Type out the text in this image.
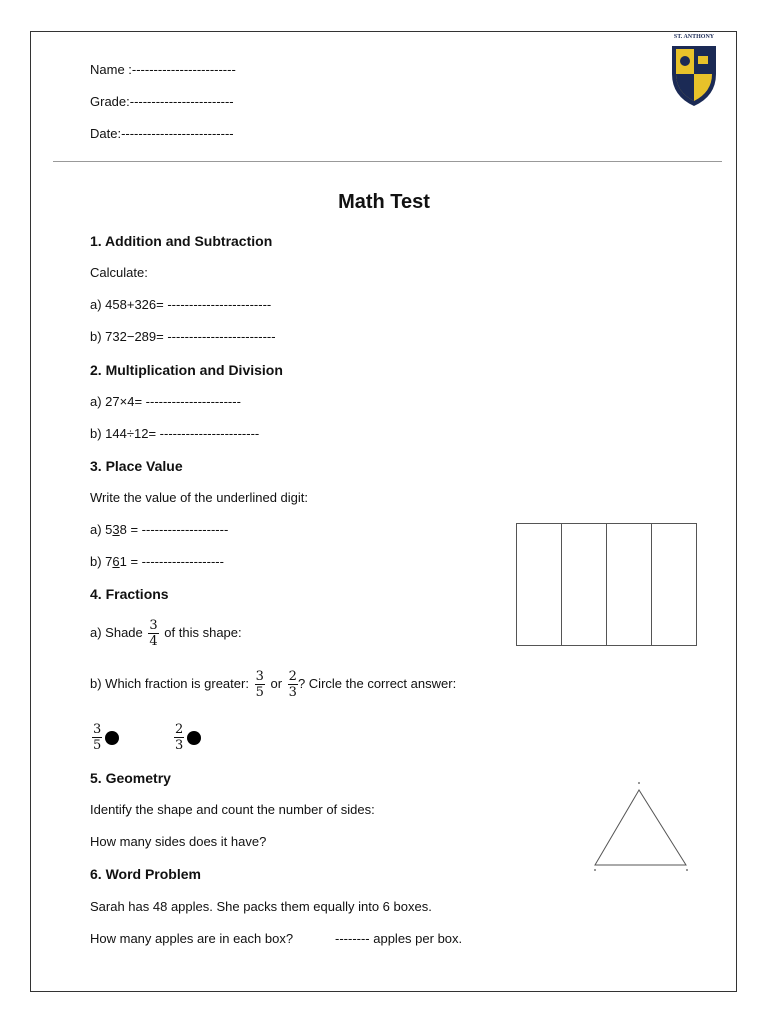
Name :------------------------
Grade:------------------------
Date:--------------------------
ST. ANTHONY
Math Test
1. Addition and Subtraction
Calculate:
a) 458+326= ------------------------
b) 732−289= -------------------------
2. Multiplication and Division
a) 27×4= ----------------------
b) 144÷12= -----------------------
3. Place Value
Write the value of the underlined digit:
a) 538 = --------------------
b) 761 = -------------------
4. Fractions
a) Shade $\frac{3}{4}$ of this shape:
b) Which fraction is greater: $\frac{3}{5}$ or $\frac{2}{3}$ ? Circle the correct answer:
$\frac{3}{5}$	$\frac{2}{3}$
5. Geometry
Identify the shape and count the number of sides:
How many sides does it have?
6. Word Problem
Sarah has 48 apples. She packs them equally into 6 boxes.
How many apples are in each box?	-------- apples per box.
